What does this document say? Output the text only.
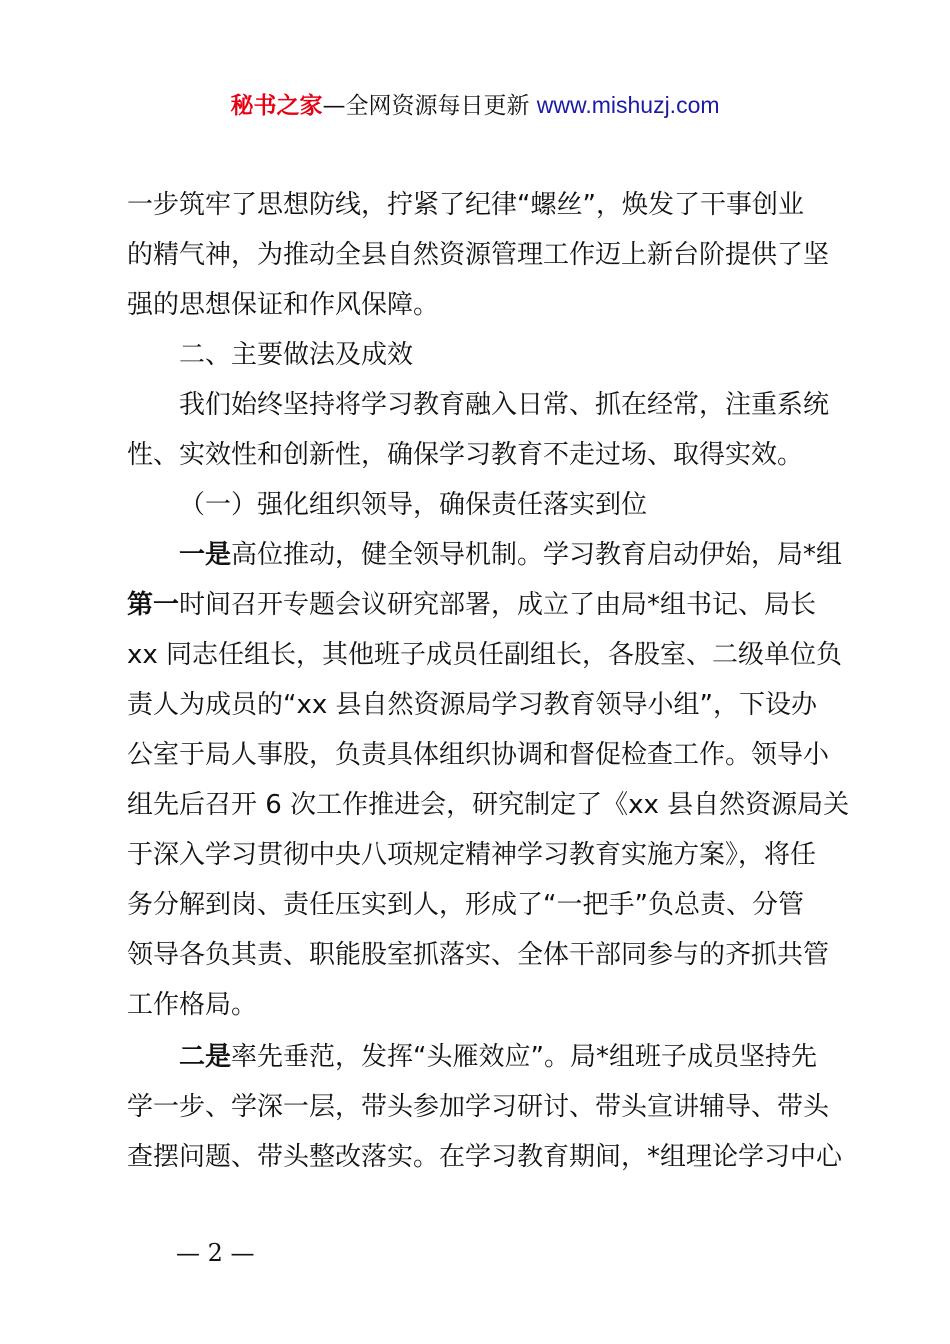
秘书之家—全网资源每日更新 www.mishuzj.com
一步筑牢了思想防线，拧紧了纪律“螺丝”，焕发了干事创业
的精气神，为推动全县自然资源管理工作迈上新台阶提供了坚
强的思想保证和作风保障。
二、主要做法及成效
我们始终坚持将学习教育融入日常、抓在经常，注重系统
性、实效性和创新性，确保学习教育不走过场、取得实效。
（一）强化组织领导，确保责任落实到位
一是高位推动，健全领导机制。学习教育启动伊始，局*组
第一时间召开专题会议研究部署，成立了由局*组书记、局长
xx 同志任组长，其他班子成员任副组长，各股室、二级单位负
责人为成员的“xx 县自然资源局学习教育领导小组”，下设办
公室于局人事股，负责具体组织协调和督促检查工作。领导小
组先后召开 6 次工作推进会，研究制定了《xx 县自然资源局关
于深入学习贯彻中央八项规定精神学习教育实施方案》，将任
务分解到岗、责任压实到人，形成了“一把手”负总责、分管
领导各负其责、职能股室抓落实、全体干部同参与的齐抓共管
工作格局。
二是率先垂范，发挥“头雁效应”。局*组班子成员坚持先
学一步、学深一层，带头参加学习研讨、带头宣讲辅导、带头
查摆问题、带头整改落实。在学习教育期间，*组理论学习中心
— 2 —
